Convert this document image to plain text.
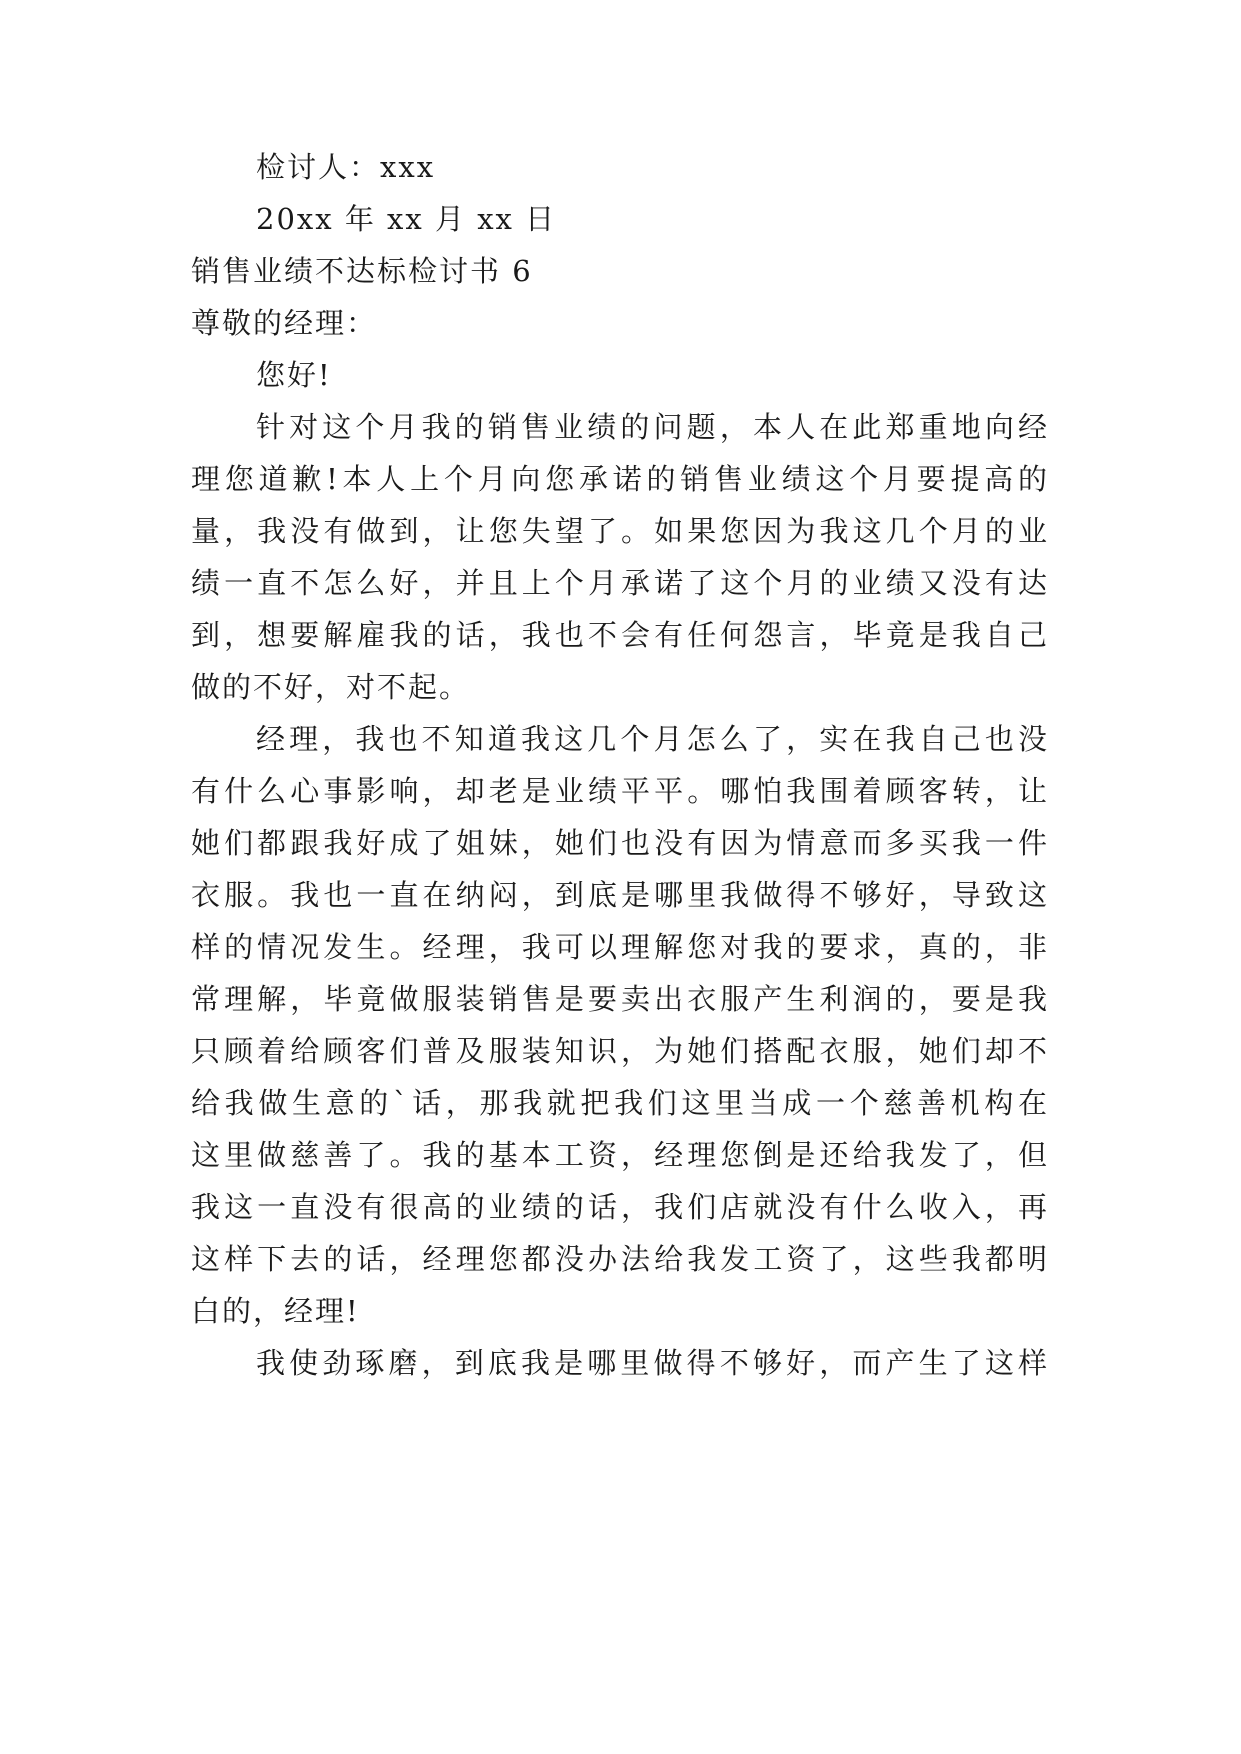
检讨人：xxx
20xx 年 xx 月 xx 日
销售业绩不达标检讨书 6
尊敬的经理：
您好!
针对这个月我的销售业绩的问题，本人在此郑重地向经
理您道歉!本人上个月向您承诺的销售业绩这个月要提高的
量，我没有做到，让您失望了。如果您因为我这几个月的业
绩一直不怎么好，并且上个月承诺了这个月的业绩又没有达
到，想要解雇我的话，我也不会有任何怨言，毕竟是我自己
做的不好，对不起。
经理，我也不知道我这几个月怎么了，实在我自己也没
有什么心事影响，却老是业绩平平。哪怕我围着顾客转，让
她们都跟我好成了姐妹，她们也没有因为情意而多买我一件
衣服。我也一直在纳闷，到底是哪里我做得不够好，导致这
样的情况发生。经理，我可以理解您对我的要求，真的，非
常理解，毕竟做服装销售是要卖出衣服产生利润的，要是我
只顾着给顾客们普及服装知识，为她们搭配衣服，她们却不
给我做生意的`话，那我就把我们这里当成一个慈善机构在
这里做慈善了。我的基本工资，经理您倒是还给我发了，但
我这一直没有很高的业绩的话，我们店就没有什么收入，再
这样下去的话，经理您都没办法给我发工资了，这些我都明
白的，经理!
我使劲琢磨，到底我是哪里做得不够好，而产生了这样
